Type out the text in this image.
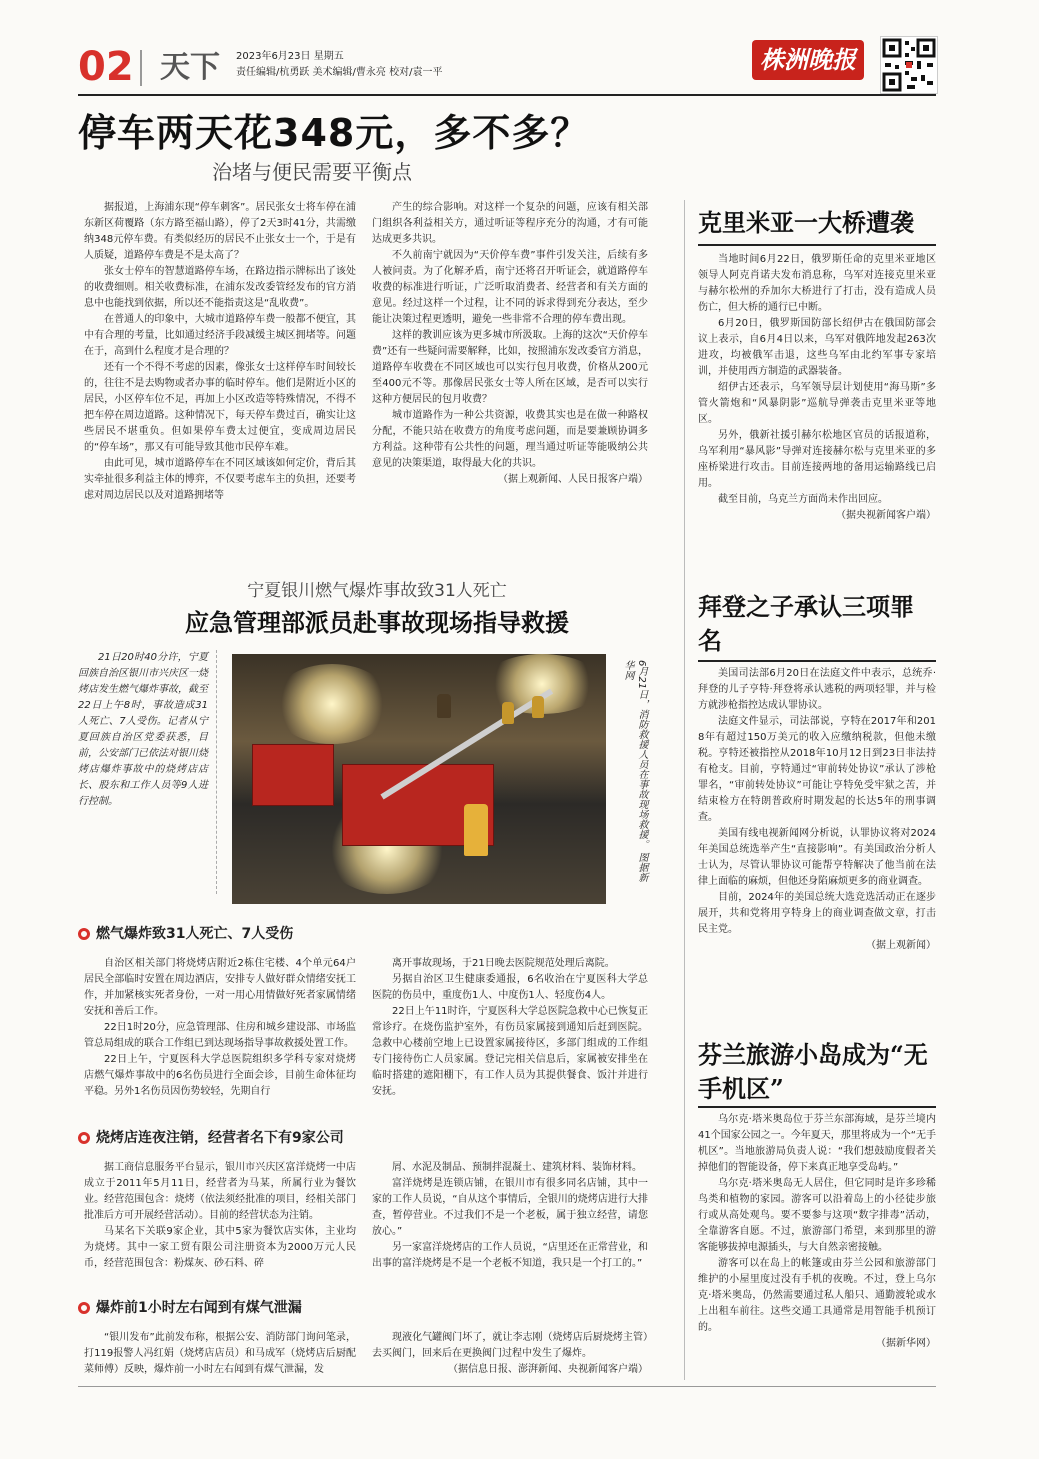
02 天下 2023年6月23日 星期五
责任编辑/杭勇跃 美术编辑/曹永亮 校对/袁一平	株洲晚报
停车两天花348元，多不多？
治堵与便民需要平衡点

据报道，上海浦东现“停车刺客”。居民张女士将车停在浦东新区荷覆路（东方路至福山路），停了2天3时41分，共需缴纳348元停车费。有类似经历的居民不止张女士一个，于是有人质疑，道路停车费是不是太高了？

张女士停车的智慧道路停车场，在路边指示牌标出了该处的收费细则。相关收费标准，在浦东发改委管经发布的官方消息中也能找到依据，所以还不能指责这是“乱收费”。

在普通人的印象中，大城市道路停车费一般都不便宜，其中有合理的考量，比如通过经济手段减缓主城区拥堵等。问题在于，高到什么程度才是合理的？

还有一个不得不考虑的因素，像张女士这样停车时间较长的，往往不是去购物或者办事的临时停车。他们是附近小区的居民，小区停车位不足，再加上小区改造等特殊情况，不得不把车停在周边道路。这种情况下，每天停车费过百，确实让这些居民不堪重负。但如果停车费太过便宜，变成周边居民的“停车场”，那又有可能导致其他市民停车难。

由此可见，城市道路停车在不同区域该如何定价，背后其实牵扯很多利益主体的博弈，不仅要考虑车主的负担，还要考虑对周边居民以及对道路拥堵等

产生的综合影响。对这样一个复杂的问题，应该有相关部门组织各利益相关方，通过听证等程序充分的沟通，才有可能达成更多共识。

不久前南宁就因为“天价停车费”事件引发关注，后续有多人被问责。为了化解矛盾，南宁还将召开听证会，就道路停车收费的标准进行听证，广泛听取消费者、经营者和有关方面的意见。经过这样一个过程，让不同的诉求得到充分表达，至少能让决策过程更透明，避免一些非常不合理的停车费出现。

这样的教训应该为更多城市所汲取。上海的这次“天价停车费”还有一些疑问需要解释，比如，按照浦东发改委官方消息，道路停车收费在不同区域也可以实行包月收费，价格从200元至400元不等。那像居民张女士等人所在区域，是否可以实行这种方便居民的包月收费？

城市道路作为一种公共资源，收费其实也是在做一种路权分配，不能只站在收费方的角度考虑问题，而是要兼顾协调多方利益。这种带有公共性的问题，理当通过听证等能吸纳公共意见的决策渠道，取得最大化的共识。

（据上观新闻、人民日报客户端）

克里米亚一大桥遭袭

当地时间6月22日，俄罗斯任命的克里米亚地区领导人阿克肖诺夫发布消息称，乌军对连接克里米亚与赫尔松州的乔加尔大桥进行了打击，没有造成人员伤亡，但大桥的通行已中断。

6月20日，俄罗斯国防部长绍伊古在俄国防部会议上表示，自6月4日以来，乌军对俄阵地发起263次进攻，均被俄军击退，这些乌军由北约军事专家培训，并使用西方制造的武器装备。

绍伊古还表示，乌军领导层计划使用“海马斯”多管火箭炮和“风暴阴影”巡航导弹袭击克里米亚等地区。

另外，俄新社援引赫尔松地区官员的话报道称，乌军利用“暴风影”导弹对连接赫尔松与克里米亚的多座桥梁进行攻击。目前连接两地的备用运输路线已启用。

截至目前，乌克兰方面尚未作出回应。

（据央视新闻客户端）

拜登之子承认三项罪名

美国司法部6月20日在法庭文件中表示，总统乔·拜登的儿子亨特·拜登将承认逃税的两项轻罪，并与检方就涉枪指控达成认罪协议。

法庭文件显示，司法部说，亨特在2017年和2018年有超过150万美元的收入应缴纳税款，但他未缴税。亨特还被指控从2018年10月12日到23日非法持有枪支。目前，亨特通过“审前转处协议”承认了涉枪罪名，“审前转处协议”可能让亨特免受牢狱之苦，并结束检方在特朗普政府时期发起的长达5年的刑事调查。

美国有线电视新闻网分析说，认罪协议将对2024年美国总统选举产生“直接影响”。有美国政治分析人士认为，尽管认罪协议可能帮亨特解决了他当前在法律上面临的麻烦，但他还身陷麻烦更多的商业调查。

目前，2024年的美国总统大选竞选活动正在逐步展开，共和党将用亨特身上的商业调查做文章，打击民主党。

（据上观新闻）

芬兰旅游小岛成为“无手机区”

乌尔克·塔米奥岛位于芬兰东部海域，是芬兰境内41个国家公园之一。今年夏天，那里将成为一个“无手机区”。当地旅游局负责人说：“我们想鼓励度假者关掉他们的智能设备，停下来真正地享受岛屿。”

乌尔克·塔米奥岛无人居住，但它同时是许多珍稀鸟类和植物的家园。游客可以沿着岛上的小径徒步旅行或从高处观鸟。要不要参与这项“数字排毒”活动，全靠游客自愿。不过，旅游部门希望，来到那里的游客能够拔掉电源插头，与大自然亲密接触。

游客可以在岛上的帐篷或由芬兰公园和旅游部门维护的小屋里度过没有手机的夜晚。不过，登上乌尔克·塔米奥岛，仍然需要通过私人船只、通勤渡轮或水上出租车前往。这些交通工具通常是用智能手机预订的。

（据新华网）

宁夏银川燃气爆炸事故致31人死亡
应急管理部派员赴事故现场指导救援

21日20时40分许，宁夏回族自治区银川市兴庆区一烧烤店发生燃气爆炸事故，截至22日上午8时，事故造成31人死亡、7人受伤。记者从宁夏回族自治区党委获悉，目前，公安部门已依法对银川烧烤店爆炸事故中的烧烤店店长、股东和工作人员等9人进行控制。	6月21日，消防救援人员在事故现场救援。 图据新华网
燃气爆炸致31人死亡、7人受伤

自治区相关部门将烧烤店附近2栋住宅楼、4个单元64户居民全部临时安置在周边酒店，安排专人做好群众情绪安抚工作，并加紧核实死者身份，一对一用心用情做好死者家属情绪安抚和善后工作。

22日1时20分，应急管理部、住房和城乡建设部、市场监管总局组成的联合工作组已到达现场指导事故救援处置工作。

22日上午，宁夏医科大学总医院组织多学科专家对烧烤店燃气爆炸事故中的6名伤员进行全面会诊，目前生命体征均平稳。另外1名伤员因伤势较轻，先期自行

离开事故现场，于21日晚去医院规范处理后离院。

另据自治区卫生健康委通报，6名收治在宁夏医科大学总医院的伤员中，重度伤1人、中度伤1人、轻度伤4人。

22日上午11时许，宁夏医科大学总医院急救中心已恢复正常诊疗。在烧伤监护室外，有伤员家属接到通知后赶到医院。急救中心楼前空地上已设置家属接待区，多部门组成的工作组专门接待伤亡人员家属。登记完相关信息后，家属被安排坐在临时搭建的遮阳棚下，有工作人员为其提供餐食、饭汁并进行安抚。

烧烤店连夜注销，经营者名下有9家公司

据工商信息服务平台显示，银川市兴庆区富洋烧烤一中店成立于2011年5月11日，经营者为马某，所属行业为餐饮业。经营范围包含：烧烤（依法须经批准的项目，经相关部门批准后方可开展经营活动）。目前的经营状态为注销。

马某名下关联9家企业，其中5家为餐饮店实体，主业均为烧烤。其中一家工贸有限公司注册资本为2000万元人民币，经营范围包含：粉煤灰、砂石料、碎

屑、水泥及制品、预制拌混凝土、建筑材料、装饰材料。

富洋烧烤是连锁店铺，在银川市有很多同名店铺，其中一家的工作人员说，“自从这个事情后，全银川的烧烤店进行大排查，暂停营业。不过我们不是一个老板，属于独立经营，请您放心。”

另一家富洋烧烤店的工作人员说，“店里还在正常营业，和出事的富洋烧烤是不是一个老板不知道，我只是一个打工的。”

爆炸前1小时左右闻到有煤气泄漏

“银川发布”此前发布称，根据公安、消防部门询问笔录，打119报警人冯红娟（烧烤店店员）和马成军（烧烤店后厨配菜师傅）反映，爆炸前一小时左右闻到有煤气泄漏，发

现液化气罐阀门坏了，就让李志刚（烧烤店后厨烧烤主管）去买阀门，回来后在更换阀门过程中发生了爆炸。

（据信息日报、澎湃新闻、央视新闻客户端）
